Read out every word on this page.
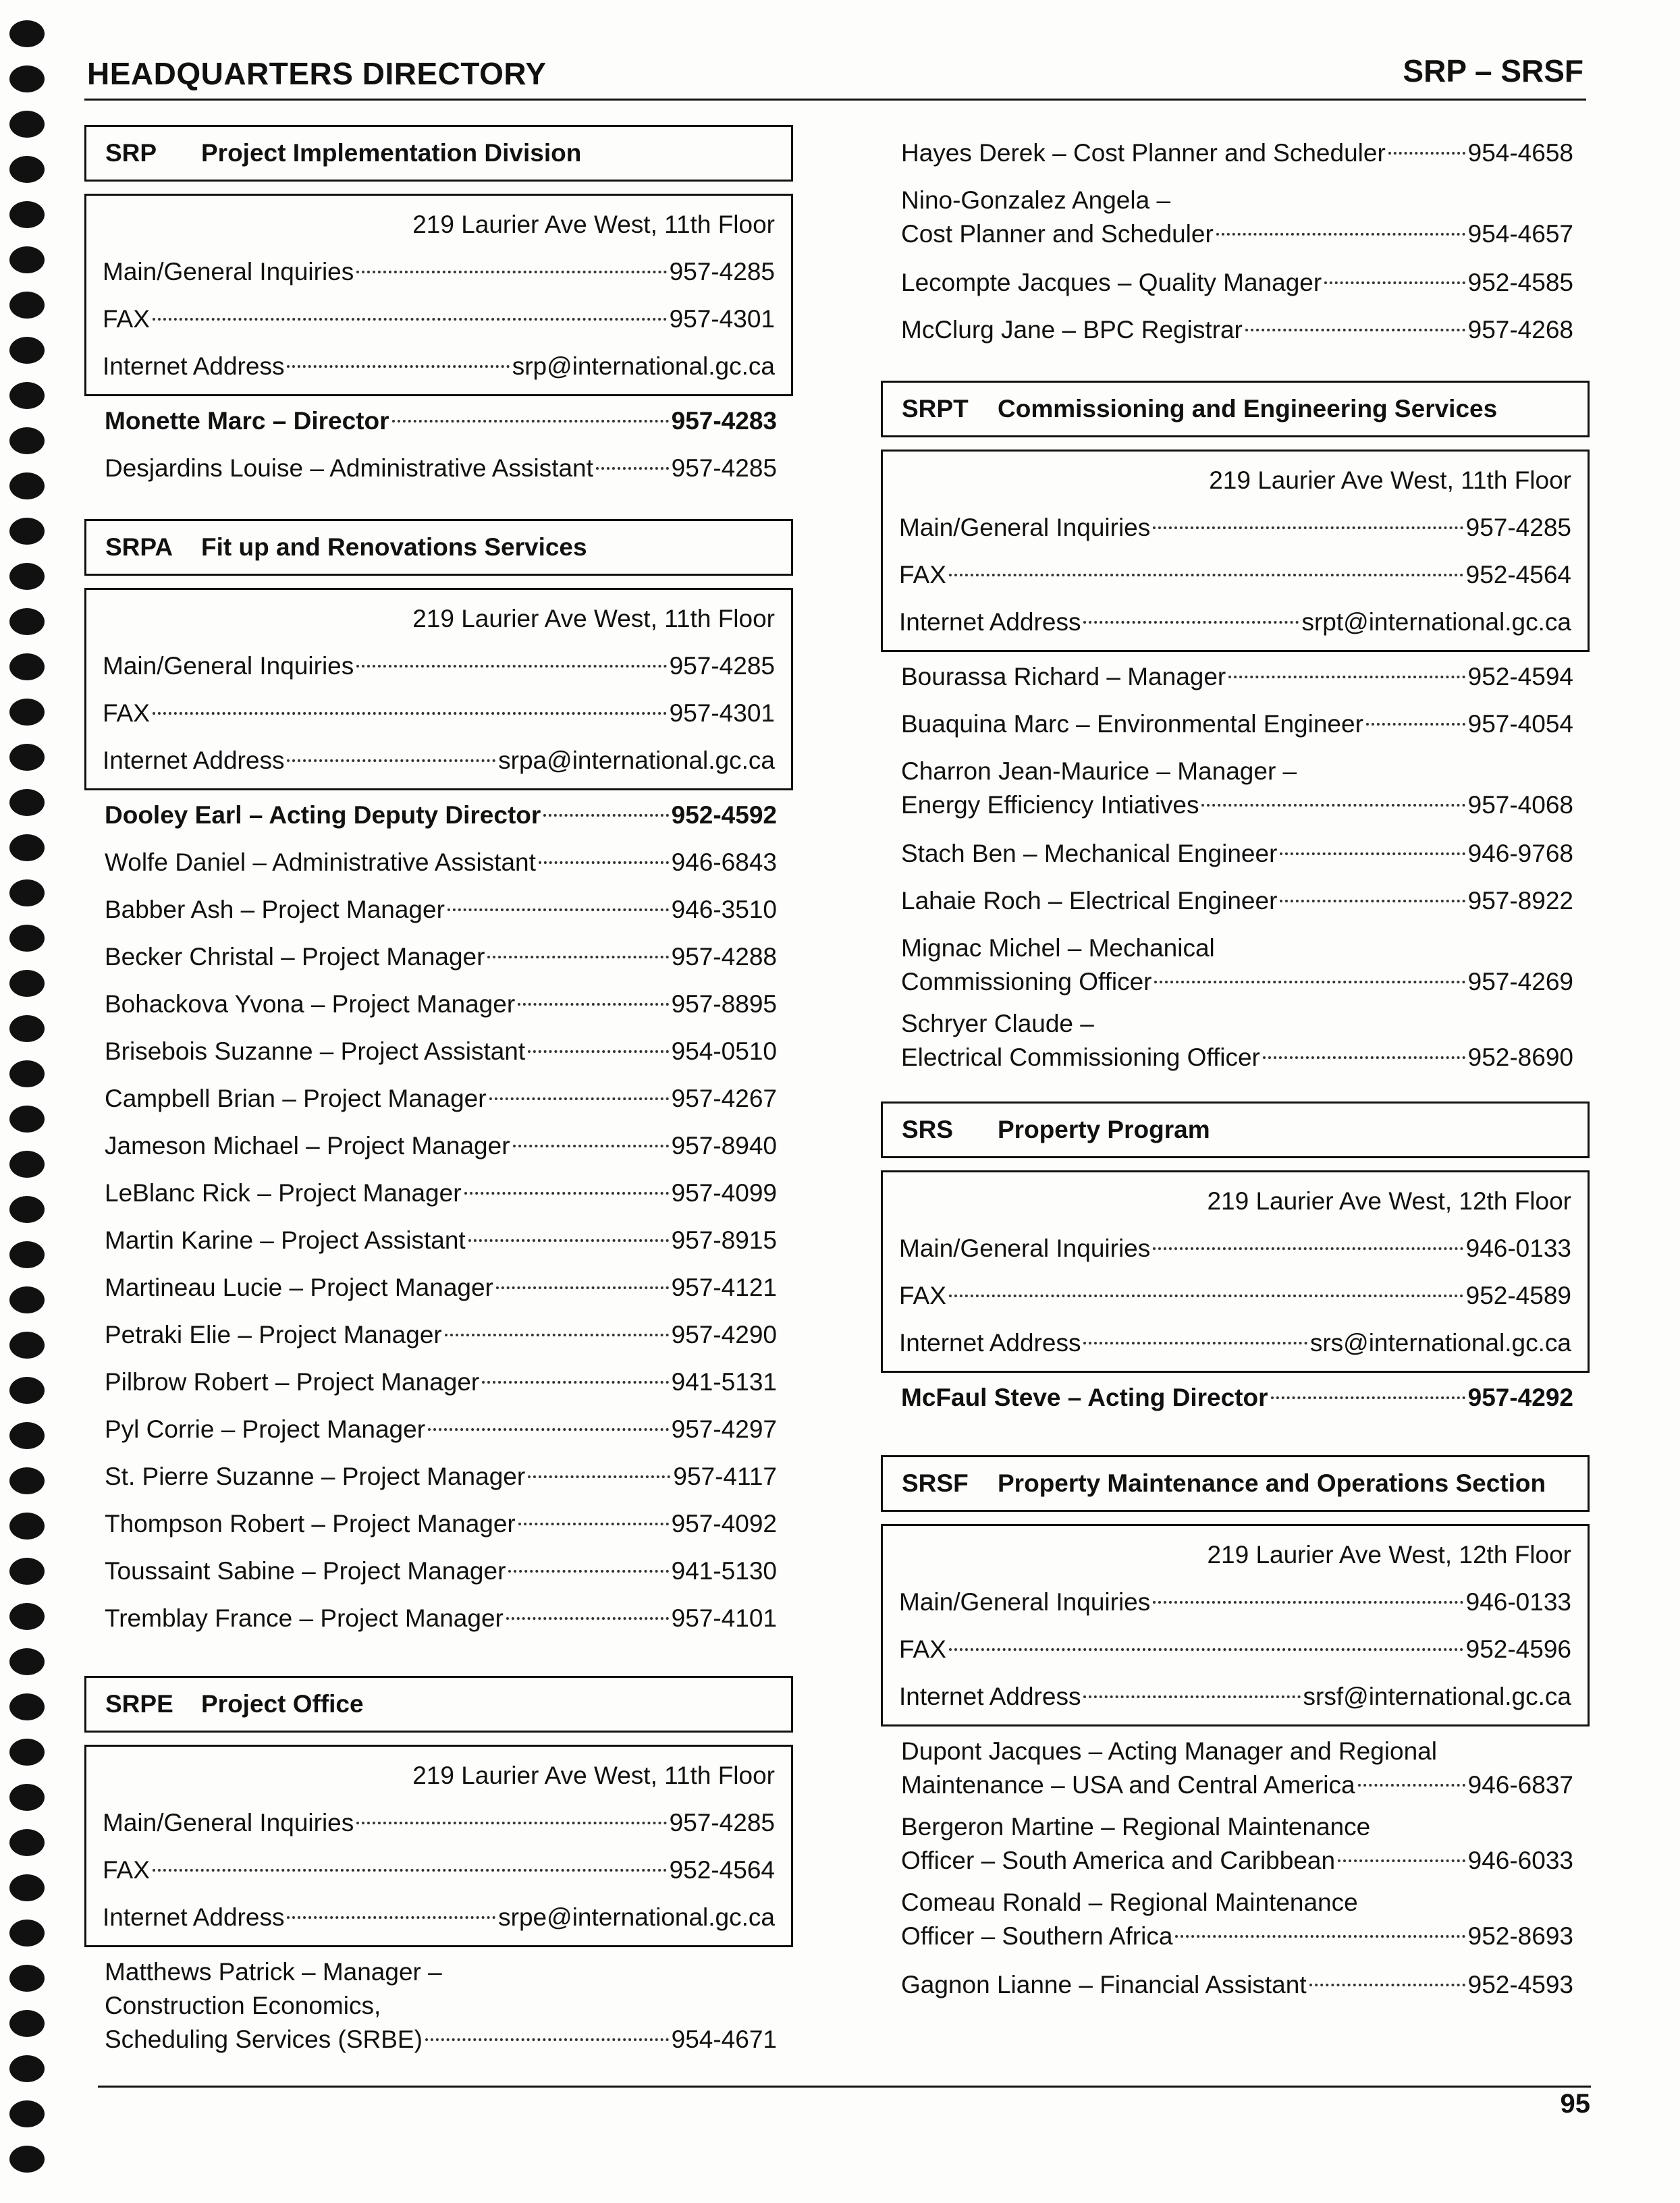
HEADQUARTERS DIRECTORY	SRP – SRSF
SRP	Project Implementation Division
219 Laurier Ave West, 11th Floor
Main/General Inquiries	957-4285
FAX	957-4301
Internet Address	srp@international.gc.ca
Monette Marc – Director	957-4283
Desjardins Louise – Administrative Assistant	957-4285
SRPA	Fit up and Renovations Services
219 Laurier Ave West, 11th Floor
Main/General Inquiries	957-4285
FAX	957-4301
Internet Address	srpa@international.gc.ca
Dooley Earl – Acting Deputy Director	952-4592
Wolfe Daniel – Administrative Assistant	946-6843
Babber Ash – Project Manager	946-3510
Becker Christal – Project Manager	957-4288
Bohackova Yvona – Project Manager	957-8895
Brisebois Suzanne – Project Assistant	954-0510
Campbell Brian – Project Manager	957-4267
Jameson Michael – Project Manager	957-8940
LeBlanc Rick – Project Manager	957-4099
Martin Karine – Project Assistant	957-8915
Martineau Lucie – Project Manager	957-4121
Petraki Elie – Project Manager	957-4290
Pilbrow Robert – Project Manager	941-5131
Pyl Corrie – Project Manager	957-4297
St. Pierre Suzanne – Project Manager	957-4117
Thompson Robert – Project Manager	957-4092
Toussaint Sabine – Project Manager	941-5130
Tremblay France – Project Manager	957-4101
SRPE	Project Office
219 Laurier Ave West, 11th Floor
Main/General Inquiries	957-4285
FAX	952-4564
Internet Address	srpe@international.gc.ca
Matthews Patrick – Manager –
Construction Economics,
Scheduling Services (SRBE)	954-4671
Hayes Derek – Cost Planner and Scheduler	954-4658
Nino-Gonzalez Angela –
Cost Planner and Scheduler	954-4657
Lecompte Jacques – Quality Manager	952-4585
McClurg Jane – BPC Registrar	957-4268
SRPT	Commissioning and Engineering Services
219 Laurier Ave West, 11th Floor
Main/General Inquiries	957-4285
FAX	952-4564
Internet Address	srpt@international.gc.ca
Bourassa Richard – Manager	952-4594
Buaquina Marc – Environmental Engineer	957-4054
Charron Jean-Maurice – Manager –
Energy Efficiency Intiatives	957-4068
Stach Ben – Mechanical Engineer	946-9768
Lahaie Roch – Electrical Engineer	957-8922
Mignac Michel – Mechanical
Commissioning Officer	957-4269
Schryer Claude –
Electrical Commissioning Officer	952-8690
SRS	Property Program
219 Laurier Ave West, 12th Floor
Main/General Inquiries	946-0133
FAX	952-4589
Internet Address	srs@international.gc.ca
McFaul Steve – Acting Director	957-4292
SRSF	Property Maintenance and Operations Section
219 Laurier Ave West, 12th Floor
Main/General Inquiries	946-0133
FAX	952-4596
Internet Address	srsf@international.gc.ca
Dupont Jacques – Acting Manager and Regional
Maintenance – USA and Central America	946-6837
Bergeron Martine – Regional Maintenance
Officer – South America and Caribbean	946-6033
Comeau Ronald – Regional Maintenance
Officer – Southern Africa	952-8693
Gagnon Lianne – Financial Assistant	952-4593
95
